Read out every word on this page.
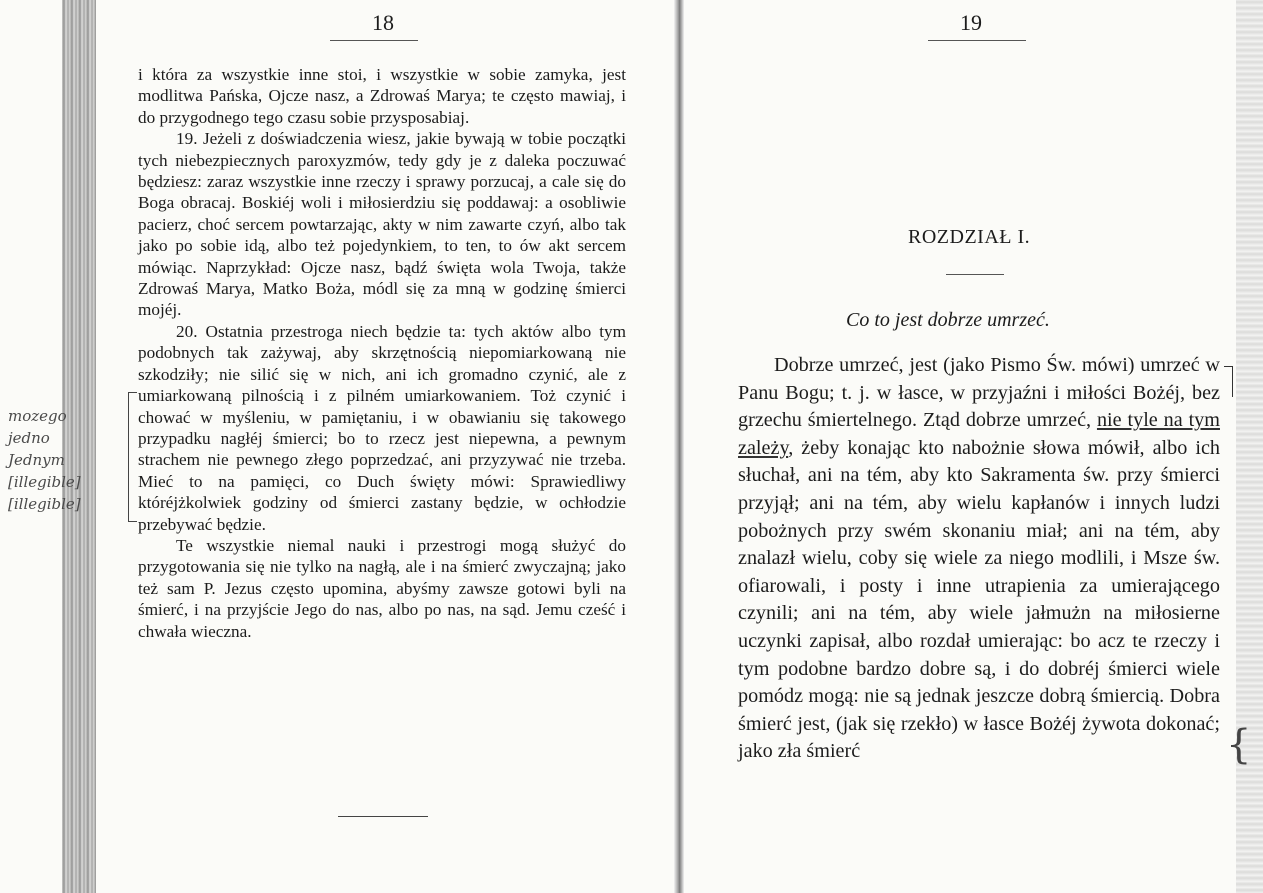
18

i która za wszystkie inne stoi, i wszystkie w sobie zamyka, jest modlitwa Pańska, Ojcze nasz, a Zdrowaś Marya; te często mawiaj, i do przygodnego tego czasu sobie przysposabiaj.

19. Jeżeli z doświadczenia wiesz, jakie bywają w tobie początki tych niebezpiecznych paroxyzmów, tedy gdy je z daleka poczuwać będziesz: zaraz wszystkie inne rzeczy i sprawy porzucaj, a cale się do Boga obracaj. Boskiéj woli i miłosierdziu się poddawaj: a osobliwie pacierz, choć sercem powtarzając, akty w nim zawarte czyń, albo tak jako po sobie idą, albo też pojedynkiem, to ten, to ów akt sercem mówiąc. Naprzykład: Ojcze nasz, bądź święta wola Twoja, także Zdrowaś Marya, Matko Boża, módl się za mną w godzinę śmierci mojéj.

20. Ostatnia przestroga niech będzie ta: tych aktów albo tym podobnych tak zażywaj, aby skrzętnością niepomiarkowaną nie szkodziły; nie silić się w nich, ani ich gromadno czynić, ale z umiarkowaną pilnością i z pilném umiarkowaniem. Toż czynić i chować w myśleniu, w pamiętaniu, i w obawianiu się takowego przypadku nagłéj śmierci; bo to rzecz jest niepewna, a pewnym strachem nie pewnego złego poprzedzać, ani przyzywać nie trzeba. Mieć to na pamięci, co Duch święty mówi: Sprawiedliwy któréjżkolwiek godziny od śmierci zastany będzie, w ochłodzie przebywać będzie.

Te wszystkie niemal nauki i przestrogi mogą służyć do przygotowania się nie tylko na nagłą, ale i na śmierć zwyczajną; jako też sam P. Jezus często upomina, abyśmy zawsze gotowi byli na śmierć, i na przyjście Jego do nas, albo po nas, na sąd. Jemu cześć i chwała wieczna.

mozego
jedno
Jednym
[illegible]
[illegible]
19
ROZDZIAŁ I.
Co to jest dobrze umrzeć.

Dobrze umrzeć, jest (jako Pismo Św. mówi) umrzeć w Panu Bogu; t. j. w łasce, w przyjaźni i miłości Bożéj, bez grzechu śmiertelnego. Ztąd dobrze umrzeć, nie tyle na tym zależy, żeby konając kto nabożnie słowa mówił, albo ich słuchał, ani na tém, aby kto Sakramenta św. przy śmierci przyjął; ani na tém, aby wielu kapłanów i innych ludzi pobożnych przy swém skonaniu miał; ani na tém, aby znalazł wielu, coby się wiele za niego modlili, i Msze św. ofiarowali, i posty i inne utrapienia za umierającego czynili; ani na tém, aby wiele jałmużn na miłosierne uczynki zapisał, albo rozdał umierając: bo acz te rzeczy i tym podobne bardzo dobre są, i do dobréj śmierci wiele pomódz mogą: nie są jednak jeszcze dobrą śmiercią. Dobra śmierć jest, (jak się rzekło) w łasce Bożéj żywota dokonać; jako zła śmierć	{
